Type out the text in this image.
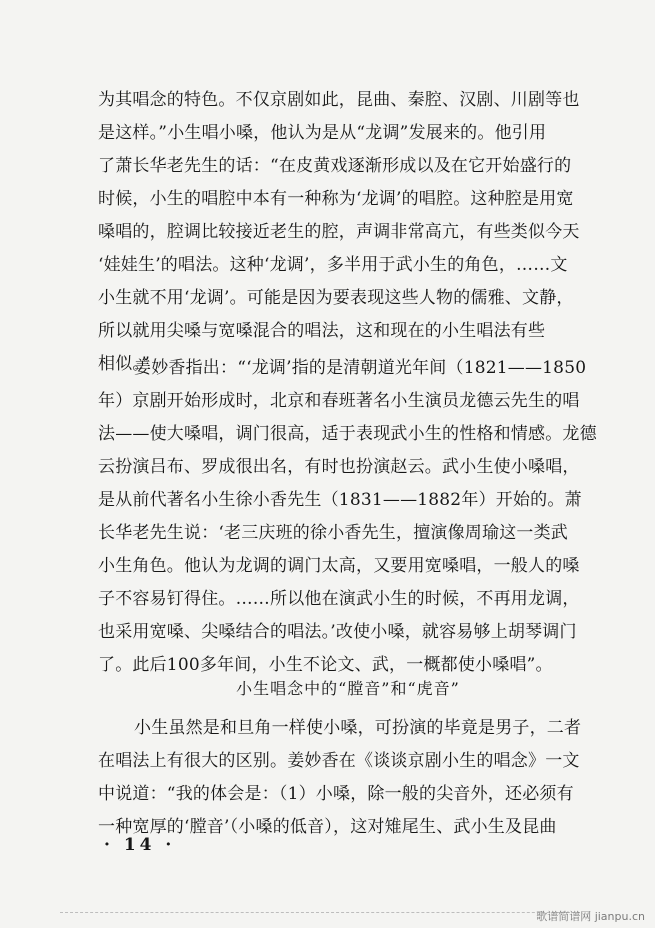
为其唱念的特色。不仅京剧如此，昆曲、秦腔、汉剧、川剧等也
是这样。”小生唱小嗓，他认为是从“龙调”发展来的。他引用
了萧长华老先生的话：“在皮黄戏逐渐形成以及在它开始盛行的
时候，小生的唱腔中本有一种称为‘龙调’的唱腔。这种腔是用宽
嗓唱的，腔调比较接近老生的腔，声调非常高亢，有些类似今天
‘娃娃生’的唱法。这种‘龙调’，多半用于武小生的角色，……文
小生就不用‘龙调’。可能是因为要表现这些人物的儒雅、文静，
所以就用尖嗓与宽嗓混合的唱法，这和现在的小生唱法有些
相似。”
姜妙香指出：“‘龙调’指的是清朝道光年间（1821——1850
年）京剧开始形成时，北京和春班著名小生演员龙德云先生的唱
法——使大嗓唱，调门很高，适于表现武小生的性格和情感。龙德
云扮演吕布、罗成很出名，有时也扮演赵云。武小生使小嗓唱，
是从前代著名小生徐小香先生（1831——1882年）开始的。萧
长华老先生说：‘老三庆班的徐小香先生，擅演像周瑜这一类武
小生角色。他认为龙调的调门太高，又要用宽嗓唱，一般人的嗓
子不容易钉得住。……所以他在演武小生的时候，不再用龙调，
也采用宽嗓、尖嗓结合的唱法。’改使小嗓，就容易够上胡琴调门
了。此后100多年间，小生不论文、武，一概都使小嗓唱”。
小生唱念中的“膛音”和“虎音”
小生虽然是和旦角一样使小嗓，可扮演的毕竟是男子，二者
在唱法上有很大的区别。姜妙香在《谈谈京剧小生的唱念》一文
中说道：“我的体会是：（1）小嗓，除一般的尖音外，还必须有
一种宽厚的‘膛音’（小嗓的低音），这对雉尾生、武小生及昆曲
· 14 ·
歌谱简谱网 jianpu.cn
